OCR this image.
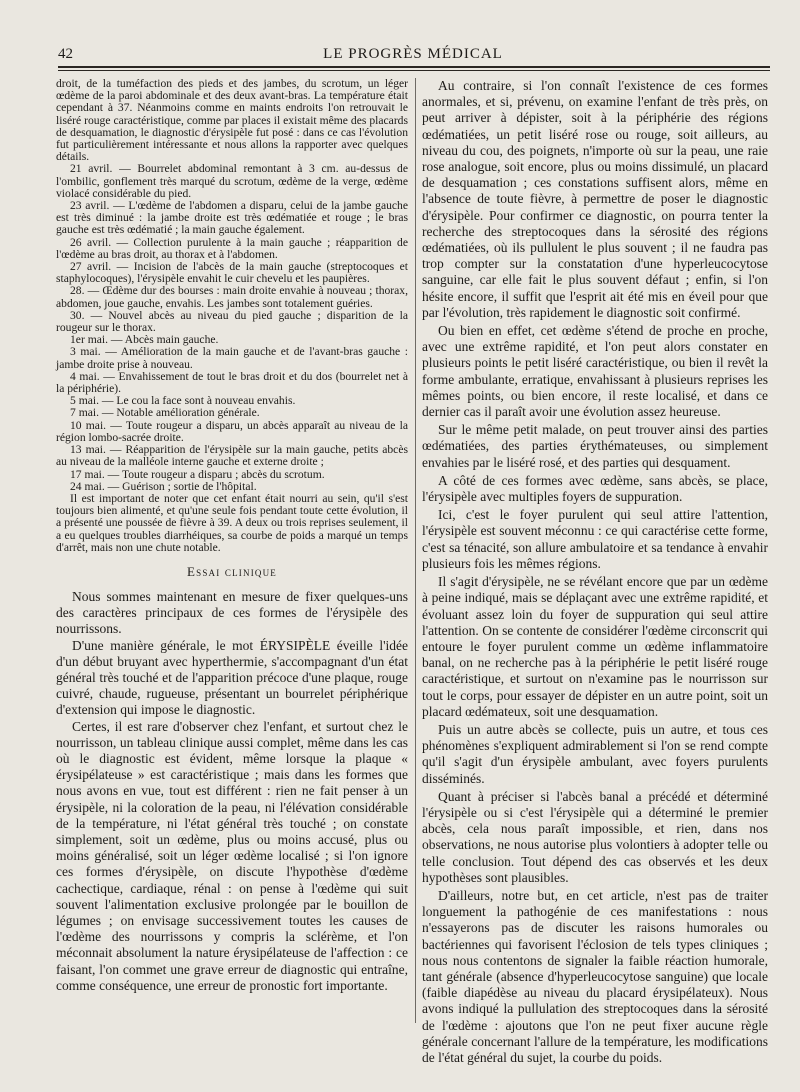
42	LE PROGRÈS MÉDICAL

droit, de la tuméfaction des pieds et des jambes, du scrotum, un léger œdème de la paroi abdominale et des deux avant-bras. La température était cependant à 37. Néanmoins comme en maints endroits l'on retrouvait le liséré rouge caractéristique, comme par places il existait même des placards de desquamation, le diagnostic d'érysipèle fut posé : dans ce cas l'évolution fut particulièrement intéressante et nous allons la rapporter avec quelques détails.

21 avril. — Bourrelet abdominal remontant à 3 cm. au-dessus de l'ombilic, gonflement très marqué du scrotum, œdème de la verge, œdème violacé considérable du pied.

23 avril. — L'œdème de l'abdomen a disparu, celui de la jambe gauche est très diminué : la jambe droite est très œdématiée et rouge ; le bras gauche est très œdématié ; la main gauche également.

26 avril. — Collection purulente à la main gauche ; réapparition de l'œdème au bras droit, au thorax et à l'abdomen.

27 avril. — Incision de l'abcès de la main gauche (streptocoques et staphylocoques), l'érysipèle envahit le cuir chevelu et les paupières.

28. — Œdème dur des bourses : main droite envahie à nouveau ; thorax, abdomen, joue gauche, envahis. Les jambes sont totalement guéries.

30. — Nouvel abcès au niveau du pied gauche ; disparition de la rougeur sur le thorax.

1er mai. — Abcès main gauche.

3 mai. — Amélioration de la main gauche et de l'avant-bras gauche : jambe droite prise à nouveau.

4 mai. — Envahissement de tout le bras droit et du dos (bourrelet net à la périphérie).

5 mai. — Le cou la face sont à nouveau envahis.

7 mai. — Notable amélioration générale.

10 mai. — Toute rougeur a disparu, un abcès apparaît au niveau de la région lombo-sacrée droite.

13 mai. — Réapparition de l'érysipèle sur la main gauche, petits abcès au niveau de la malléole interne gauche et externe droite ;

17 mai. — Toute rougeur a disparu ; abcès du scrotum.

24 mai. — Guérison ; sortie de l'hôpital.

Il est important de noter que cet enfant était nourri au sein, qu'il s'est toujours bien alimenté, et qu'une seule fois pendant toute cette évolution, il a présenté une poussée de fièvre à 39. A deux ou trois reprises seulement, il a eu quelques troubles diarrhéiques, sa courbe de poids a marqué un temps d'arrêt, mais non une chute notable.

Essai clinique

Nous sommes maintenant en mesure de fixer quelques-uns des caractères principaux de ces formes de l'érysipèle des nourrissons.

D'une manière générale, le mot ÉRYSIPÈLE éveille l'idée d'un début bruyant avec hyperthermie, s'accompagnant d'un état général très touché et de l'apparition précoce d'une plaque, rouge cuivré, chaude, rugueuse, présentant un bourrelet périphérique d'extension qui impose le diagnostic.

Certes, il est rare d'observer chez l'enfant, et surtout chez le nourrisson, un tableau clinique aussi complet, même dans les cas où le diagnostic est évident, même lorsque la plaque « érysipélateuse » est caractéristique ; mais dans les formes que nous avons en vue, tout est différent : rien ne fait penser à un érysipèle, ni la coloration de la peau, ni l'élévation considérable de la température, ni l'état général très touché ; on constate simplement, soit un œdème, plus ou moins accusé, plus ou moins généralisé, soit un léger œdème localisé ; si l'on ignore ces formes d'érysipèle, on discute l'hypothèse d'œdème cachectique, cardiaque, rénal : on pense à l'œdème qui suit souvent l'alimentation exclusive prolongée par le bouillon de légumes ; on envisage successivement toutes les causes de l'œdème des nourrissons y compris la sclérème, et l'on méconnait absolument la nature érysipélateuse de l'affection : ce faisant, l'on commet une grave erreur de diagnostic qui entraîne, comme conséquence, une erreur de pronostic fort importante.

Au contraire, si l'on connaît l'existence de ces formes anormales, et si, prévenu, on examine l'enfant de très près, on peut arriver à dépister, soit à la périphérie des régions œdématiées, un petit liséré rose ou rouge, soit ailleurs, au niveau du cou, des poignets, n'importe où sur la peau, une raie rose analogue, soit encore, plus ou moins dissimulé, un placard de desquamation ; ces constations suffisent alors, même en l'absence de toute fièvre, à permettre de poser le diagnostic d'érysipèle. Pour confirmer ce diagnostic, on pourra tenter la recherche des streptocoques dans la sérosité des régions œdématiées, où ils pullulent le plus souvent ; il ne faudra pas trop compter sur la constatation d'une hyperleucocytose sanguine, car elle fait le plus souvent défaut ; enfin, si l'on hésite encore, il suffit que l'esprit ait été mis en éveil pour que par l'évolution, très rapidement le diagnostic soit confirmé.

Ou bien en effet, cet œdème s'étend de proche en proche, avec une extrême rapidité, et l'on peut alors constater en plusieurs points le petit liséré caractéristique, ou bien il revêt la forme ambulante, erratique, envahissant à plusieurs reprises les mêmes points, ou bien encore, il reste localisé, et dans ce dernier cas il paraît avoir une évolution assez heureuse.

Sur le même petit malade, on peut trouver ainsi des parties œdématiées, des parties érythémateuses, ou simplement envahies par le liséré rosé, et des parties qui desquament.

A côté de ces formes avec œdème, sans abcès, se place, l'érysipèle avec multiples foyers de suppuration.

Ici, c'est le foyer purulent qui seul attire l'attention, l'érysipèle est souvent méconnu : ce qui caractérise cette forme, c'est sa ténacité, son allure ambulatoire et sa tendance à envahir plusieurs fois les mêmes régions.

Il s'agit d'érysipèle, ne se révélant encore que par un œdème à peine indiqué, mais se déplaçant avec une extrême rapidité, et évoluant assez loin du foyer de suppuration qui seul attire l'attention. On se contente de considérer l'œdème circonscrit qui entoure le foyer purulent comme un œdème inflammatoire banal, on ne recherche pas à la périphérie le petit liséré rouge caractéristique, et surtout on n'examine pas le nourrisson sur tout le corps, pour essayer de dépister en un autre point, soit un placard œdémateux, soit une desquamation.

Puis un autre abcès se collecte, puis un autre, et tous ces phénomènes s'expliquent admirablement si l'on se rend compte qu'il s'agit d'un érysipèle ambulant, avec foyers purulents disséminés.

Quant à préciser si l'abcès banal a précédé et déterminé l'érysipèle ou si c'est l'érysipèle qui a déterminé le premier abcès, cela nous paraît impossible, et rien, dans nos observations, ne nous autorise plus volontiers à adopter telle ou telle conclusion. Tout dépend des cas observés et les deux hypothèses sont plausibles.

D'ailleurs, notre but, en cet article, n'est pas de traiter longuement la pathogénie de ces manifestations : nous n'essayerons pas de discuter les raisons humorales ou bactériennes qui favorisent l'éclosion de tels types cliniques ; nous nous contentons de signaler la faible réaction humorale, tant générale (absence d'hyperleucocytose sanguine) que locale (faible diapédèse au niveau du placard érysipélateux). Nous avons indiqué la pullulation des streptocoques dans la sérosité de l'œdème : ajoutons que l'on ne peut fixer aucune règle générale concernant l'allure de la température, les modifications de l'état général du sujet, la courbe du poids.
